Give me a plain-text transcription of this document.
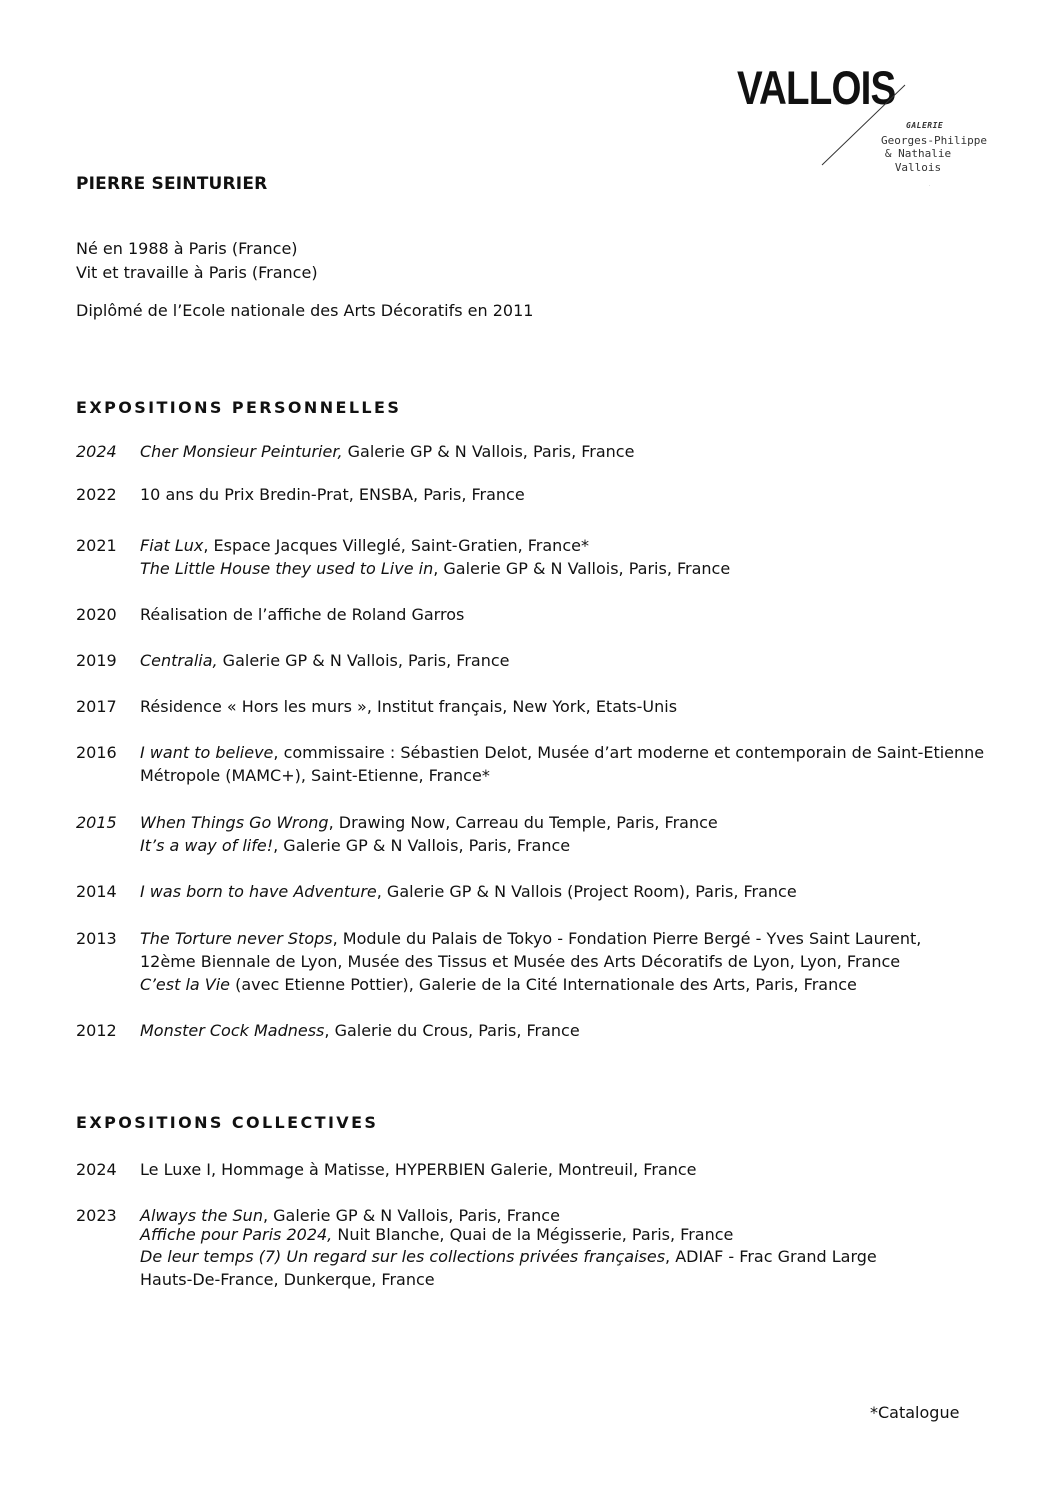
VALLOIS
GALERIE
Georges-Philippe
& Nathalie
Vallois
PIERRE SEINTURIER
Né en 1988 à Paris (France)
Vit et travaille à Paris (France)
Diplômé de l’Ecole nationale des Arts Décoratifs en 2011
EXPOSITIONS PERSONNELLES
EXPOSITIONS COLLECTIVES
2024 Cher Monsieur Peinturier, Galerie GP & N Vallois, Paris, France
2022 10 ans du Prix Bredin-Prat, ENSBA, Paris, France
2021 Fiat Lux, Espace Jacques Villeglé, Saint-Gratien, France*
The Little House they used to Live in, Galerie GP & N Vallois, Paris, France
2020 Réalisation de l’affiche de Roland Garros
2019 Centralia, Galerie GP & N Vallois, Paris, France
2017 Résidence « Hors les murs », Institut français, New York, Etats-Unis
2016 I want to believe, commissaire : Sébastien Delot, Musée d’art moderne et contemporain de Saint-Etienne
Métropole (MAMC+), Saint-Etienne, France*
2015 When Things Go Wrong, Drawing Now, Carreau du Temple, Paris, France
It’s a way of life!, Galerie GP & N Vallois, Paris, France
2014 I was born to have Adventure, Galerie GP & N Vallois (Project Room), Paris, France
2013 The Torture never Stops, Module du Palais de Tokyo - Fondation Pierre Bergé - Yves Saint Laurent,
12ème Biennale de Lyon, Musée des Tissus et Musée des Arts Décoratifs de Lyon, Lyon, France
C’est la Vie (avec Etienne Pottier), Galerie de la Cité Internationale des Arts, Paris, France
2012 Monster Cock Madness, Galerie du Crous, Paris, France
2024 Le Luxe I, Hommage à Matisse, HYPERBIEN Galerie, Montreuil, France
2023 Always the Sun, Galerie GP & N Vallois, Paris, France
Affiche pour Paris 2024, Nuit Blanche, Quai de la Mégisserie, Paris, France
De leur temps (7) Un regard sur les collections privées françaises, ADIAF - Frac Grand Large
Hauts-De-France, Dunkerque, France
*Catalogue
